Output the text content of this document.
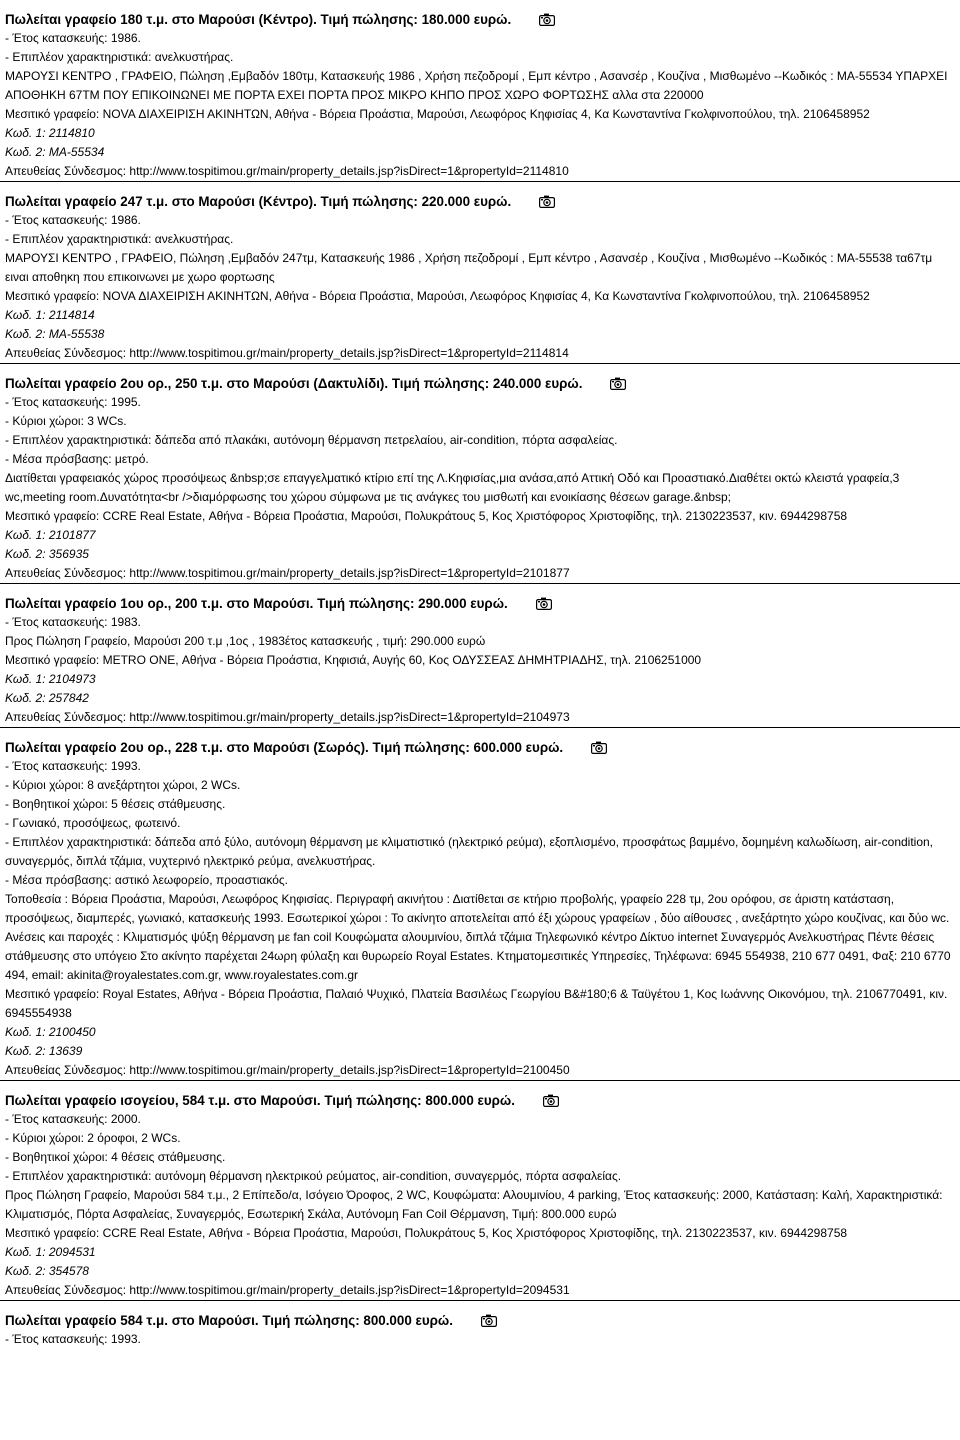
Πωλείται γραφείο 180 τ.μ. στο Μαρούσι (Κέντρο). Τιμή πώλησης: 180.000 ευρώ.
- Έτος κατασκευής: 1986.
- Επιπλέον χαρακτηριστικά: ανελκυστήρας.
ΜΑΡΟΥΣΙ ΚΕΝΤΡΟ , ΓΡΑΦΕΙΟ, Πώληση ,Εμβαδόν 180τμ, Κατασκευής 1986 , Χρήση πεζοδρομί , Εμπ κέντρο , Ασανσέρ , Κουζίνα , Μισθωμένο --Κωδικός : ΜΑ-55534 ΥΠΑΡΧΕΙ ΑΠΟΘΗΚΗ 67ΤΜ ΠΟΥ ΕΠΙΚΟΙΝΩΝΕΙ ΜΕ ΠΟΡΤΑ ΕΧΕΙ ΠΟΡΤΑ ΠΡΟΣ ΜΙΚΡΟ ΚΗΠΟ ΠΡΟΣ ΧΩΡΟ ΦΟΡΤΩΣΗΣ αλλα στα 220000
Μεσιτικό γραφείο: NOVA ΔΙΑΧΕΙΡΙΣΗ ΑΚΙΝΗΤΩΝ, Αθήνα - Βόρεια Προάστια, Μαρούσι, Λεωφόρος Κηφισίας 4, Κα Κωνσταντίνα Γκολφινοπούλου, τηλ. 2106458952
Κωδ. 1: 2114810
Κωδ. 2: ΜΑ-55534
Απευθείας Σύνδεσμος: http://www.tospitimou.gr/main/property_details.jsp?isDirect=1&propertyId=2114810
Πωλείται γραφείο 247 τ.μ. στο Μαρούσι (Κέντρο). Τιμή πώλησης: 220.000 ευρώ.
- Έτος κατασκευής: 1986.
- Επιπλέον χαρακτηριστικά: ανελκυστήρας.
ΜΑΡΟΥΣΙ ΚΕΝΤΡΟ , ΓΡΑΦΕΙΟ, Πώληση ,Εμβαδόν 247τμ, Κατασκευής 1986 , Χρήση πεζοδρομί , Εμπ κέντρο , Ασανσέρ , Κουζίνα , Μισθωμένο --Κωδικός : ΜΑ-55538 τα67τμ ειναι αποθηκη που επικοινωνει με χωρο φορτωσης
Μεσιτικό γραφείο: NOVA ΔΙΑΧΕΙΡΙΣΗ ΑΚΙΝΗΤΩΝ, Αθήνα - Βόρεια Προάστια, Μαρούσι, Λεωφόρος Κηφισίας 4, Κα Κωνσταντίνα Γκολφινοπούλου, τηλ. 2106458952
Κωδ. 1: 2114814
Κωδ. 2: ΜΑ-55538
Απευθείας Σύνδεσμος: http://www.tospitimou.gr/main/property_details.jsp?isDirect=1&propertyId=2114814
Πωλείται γραφείο 2ου ορ., 250 τ.μ. στο Μαρούσι (Δακτυλίδι). Τιμή πώλησης: 240.000 ευρώ.
- Έτος κατασκευής: 1995.
- Κύριοι χώροι: 3 WCs.
- Επιπλέον χαρακτηριστικά: δάπεδα από πλακάκι, αυτόνομη θέρμανση πετρελαίου, air-condition, πόρτα ασφαλείας.
- Μέσα πρόσβασης: μετρό.
Διατίθεται γραφειακός χώρος προσόψεως &nbsp;σε επαγγελματικό κτίριο επί της Λ.Κηφισίας,μια ανάσα,από Αττική Οδό και Προαστιακό.Διαθέτει οκτώ κλειστά γραφεία,3 wc,meeting room.Δυνατότητα<br />διαμόρφωσης του χώρου σύμφωνα με τις ανάγκες του μισθωτή και ενοικίασης θέσεων garage.&nbsp;
Μεσιτικό γραφείο: CCRE Real Estate, Αθήνα - Βόρεια Προάστια, Μαρούσι, Πολυκράτους 5, Κος Χριστόφορος Χριστοφίδης, τηλ. 2130223537, κιν. 6944298758
Κωδ. 1: 2101877
Κωδ. 2: 356935
Απευθείας Σύνδεσμος: http://www.tospitimou.gr/main/property_details.jsp?isDirect=1&propertyId=2101877
Πωλείται γραφείο 1ου ορ., 200 τ.μ. στο Μαρούσι. Τιμή πώλησης: 290.000 ευρώ.
- Έτος κατασκευής: 1983.
Προς Πώληση Γραφείο, Μαρούσι 200 τ.μ ,1ος , 1983έτος κατασκευής , τιμή: 290.000 ευρώ
Μεσιτικό γραφείο: METRO ONE, Αθήνα - Βόρεια Προάστια, Κηφισιά, Αυγής 60, Κος ΟΔΥΣΣΕΑΣ ΔΗΜΗΤΡΙΑΔΗΣ, τηλ. 2106251000
Κωδ. 1: 2104973
Κωδ. 2: 257842
Απευθείας Σύνδεσμος: http://www.tospitimou.gr/main/property_details.jsp?isDirect=1&propertyId=2104973
Πωλείται γραφείο 2ου ορ., 228 τ.μ. στο Μαρούσι (Σωρός). Τιμή πώλησης: 600.000 ευρώ.
- Έτος κατασκευής: 1993.
- Κύριοι χώροι: 8 ανεξάρτητοι χώροι, 2 WCs.
- Βοηθητικοί χώροι: 5 θέσεις στάθμευσης.
- Γωνιακό, προσόψεως, φωτεινό.
- Επιπλέον χαρακτηριστικά: δάπεδα από ξύλο, αυτόνομη θέρμανση με κλιματιστικό (ηλεκτρικό ρεύμα), εξοπλισμένο, προσφάτως βαμμένο, δομημένη καλωδίωση, air-condition, συναγερμός, διπλά τζάμια, νυχτερινό ηλεκτρικό ρεύμα, ανελκυστήρας.
- Μέσα πρόσβασης: αστικό λεωφορείο, προαστιακός.
Τοποθεσία : Βόρεια Προάστια, Μαρούσι, Λεωφόρος Κηφισίας. Περιγραφή ακινήτου : Διατίθεται σε κτήριο προβολής, γραφείο 228 τμ, 2ου ορόφου, σε άριστη κατάσταση, προσόψεως, διαμπερές, γωνιακό, κατασκευής 1993. Εσωτερικοί χώροι : Το ακίνητο αποτελείται από έξι χώρους γραφείων , δύο αίθουσες , ανεξάρτητο χώρο κουζίνας, και δύο wc. Ανέσεις και παροχές : Κλιματισμός ψύξη θέρμανση με fan coil Κουφώματα αλουμινίου, διπλά τζάμια Τηλεφωνικό κέντρο Δίκτυο internet Συναγερμός Ανελκυστήρας Πέντε θέσεις στάθμευσης στο υπόγειο Στο ακίνητο παρέχεται 24ωρη φύλαξη και θυρωρείο Royal Estates. Κτηματομεσιτικές Υπηρεσίες, Τηλέφωνα: 6945 554938, 210 677 0491, Φαξ: 210 6770 494, email: akinita@royalestates.com.gr, www.royalestates.com.gr
Μεσιτικό γραφείο: Royal Estates, Αθήνα - Βόρεια Προάστια, Παλαιό Ψυχικό, Πλατεία Βασιλέως Γεωργίου B&#180;6 & Ταϋγέτου 1, Κος Ιωάννης Οικονόμου, τηλ. 2106770491, κιν. 6945554938
Κωδ. 1: 2100450
Κωδ. 2: 13639
Απευθείας Σύνδεσμος: http://www.tospitimou.gr/main/property_details.jsp?isDirect=1&propertyId=2100450
Πωλείται γραφείο ισογείου, 584 τ.μ. στο Μαρούσι. Τιμή πώλησης: 800.000 ευρώ.
- Έτος κατασκευής: 2000.
- Κύριοι χώροι: 2 όροφοι, 2 WCs.
- Βοηθητικοί χώροι: 4 θέσεις στάθμευσης.
- Επιπλέον χαρακτηριστικά: αυτόνομη θέρμανση ηλεκτρικού ρεύματος, air-condition, συναγερμός, πόρτα ασφαλείας.
Προς Πώληση Γραφείο, Μαρούσι 584 τ.μ., 2 Επίπεδο/α, Ισόγειο Όροφος, 2 WC, Κουφώματα: Αλουμινίου, 4 parking, Έτος κατασκευής: 2000, Κατάσταση: Καλή, Χαρακτηριστικά: Κλιματισμός, Πόρτα Ασφαλείας, Συναγερμός, Εσωτερική Σκάλα, Αυτόνομη Fan Coil Θέρμανση, Τιμή: 800.000 ευρώ
Μεσιτικό γραφείο: CCRE Real Estate, Αθήνα - Βόρεια Προάστια, Μαρούσι, Πολυκράτους 5, Κος Χριστόφορος Χριστοφίδης, τηλ. 2130223537, κιν. 6944298758
Κωδ. 1: 2094531
Κωδ. 2: 354578
Απευθείας Σύνδεσμος: http://www.tospitimou.gr/main/property_details.jsp?isDirect=1&propertyId=2094531
Πωλείται γραφείο 584 τ.μ. στο Μαρούσι. Τιμή πώλησης: 800.000 ευρώ.
- Έτος κατασκευής: 1993.
